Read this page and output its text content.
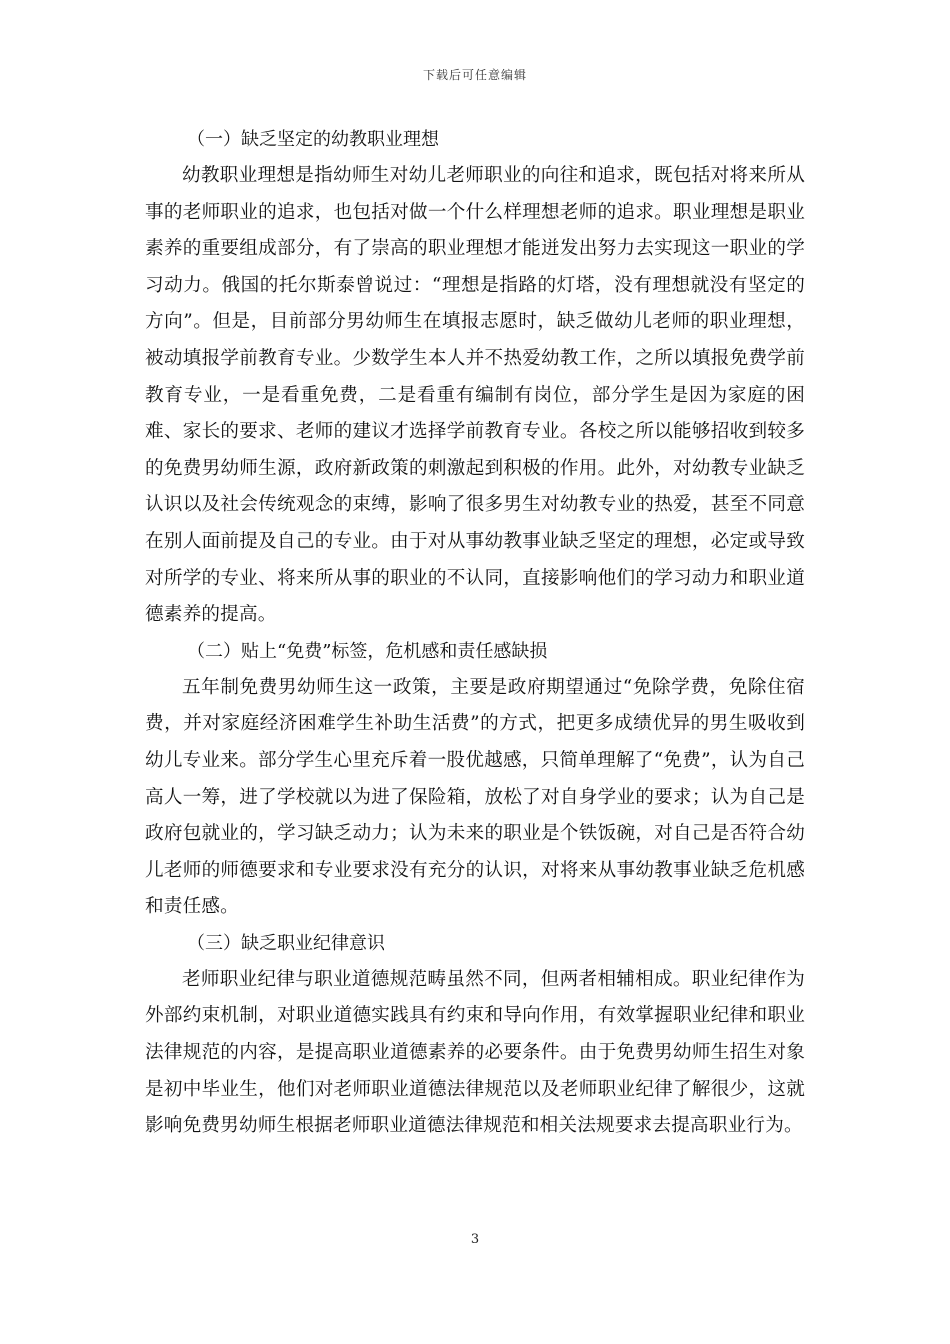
下载后可任意编辑
（一）缺乏坚定的幼教职业理想

幼教职业理想是指幼师生对幼儿老师职业的向往和追求，既包括对将来所从事的老师职业的追求，也包括对做一个什么样理想老师的追求。职业理想是职业素养的重要组成部分，有了崇高的职业理想才能迸发出努力去实现这一职业的学习动力。俄国的托尔斯泰曾说过：“理想是指路的灯塔，没有理想就没有坚定的方向”。但是，目前部分男幼师生在填报志愿时，缺乏做幼儿老师的职业理想，被动填报学前教育专业。少数学生本人并不热爱幼教工作，之所以填报免费学前教育专业，一是看重免费，二是看重有编制有岗位，部分学生是因为家庭的困难、家长的要求、老师的建议才选择学前教育专业。各校之所以能够招收到较多的免费男幼师生源，政府新政策的刺激起到积极的作用。此外，对幼教专业缺乏认识以及社会传统观念的束缚，影响了很多男生对幼教专业的热爱，甚至不同意在别人面前提及自己的专业。由于对从事幼教事业缺乏坚定的理想，必定或导致对所学的专业、将来所从事的职业的不认同，直接影响他们的学习动力和职业道德素养的提高。

（二）贴上“免费”标签，危机感和责任感缺损

五年制免费男幼师生这一政策，主要是政府期望通过“免除学费，免除住宿费，并对家庭经济困难学生补助生活费”的方式，把更多成绩优异的男生吸收到幼儿专业来。部分学生心里充斥着一股优越感，只简单理解了“免费”，认为自己高人一筹，进了学校就以为进了保险箱，放松了对自身学业的要求；认为自己是政府包就业的，学习缺乏动力；认为未来的职业是个铁饭碗，对自己是否符合幼儿老师的师德要求和专业要求没有充分的认识，对将来从事幼教事业缺乏危机感和责任感。

（三）缺乏职业纪律意识

老师职业纪律与职业道德规范畴虽然不同，但两者相辅相成。职业纪律作为外部约束机制，对职业道德实践具有约束和导向作用，有效掌握职业纪律和职业法律规范的内容，是提高职业道德素养的必要条件。由于免费男幼师生招生对象是初中毕业生，他们对老师职业道德法律规范以及老师职业纪律了解很少，这就影响免费男幼师生根据老师职业道德法律规范和相关法规要求去提高职业行为。

3
